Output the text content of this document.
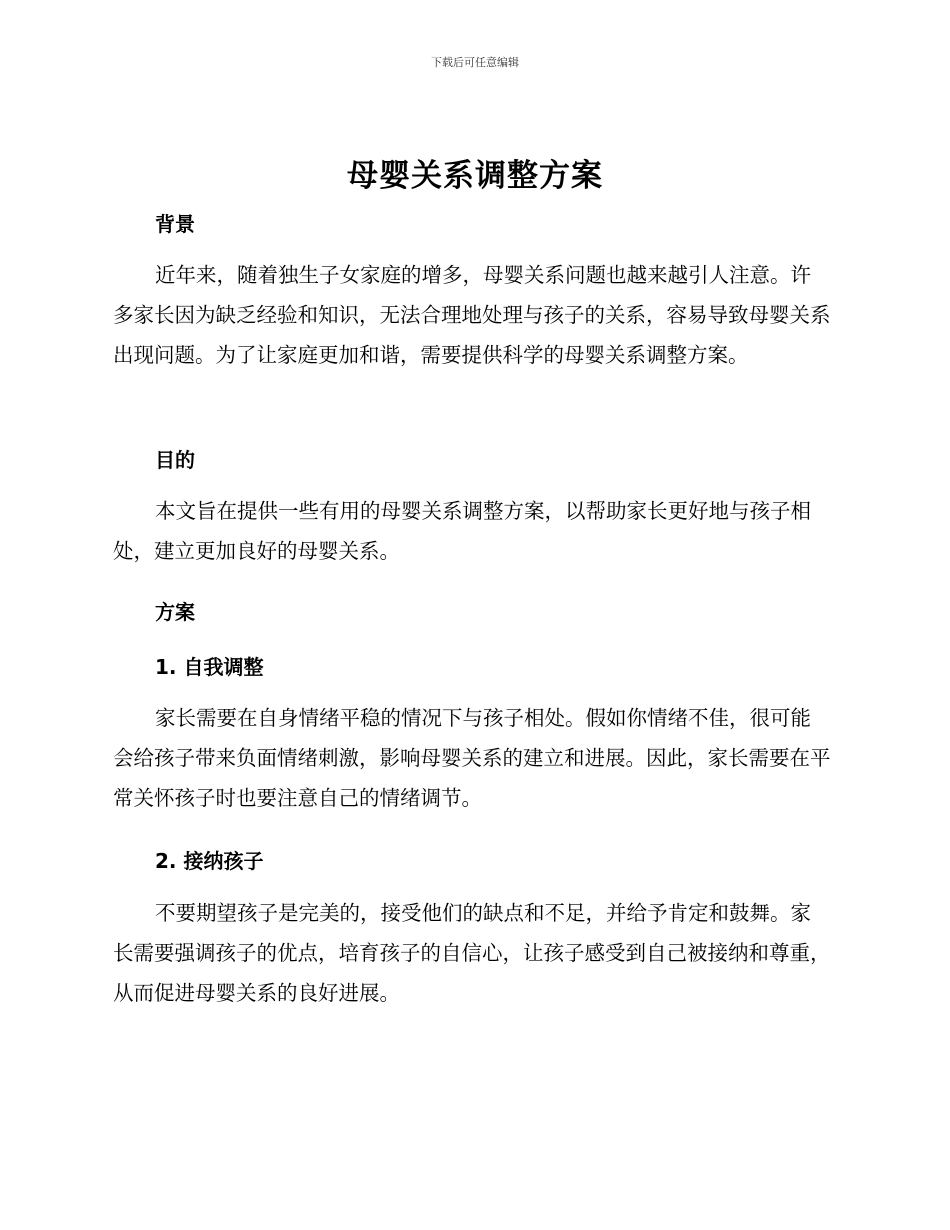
下载后可任意编辑
母婴关系调整方案
背景

近年来，随着独生子女家庭的增多，母婴关系问题也越来越引人注意。许多家长因为缺乏经验和知识，无法合理地处理与孩子的关系，容易导致母婴关系出现问题。为了让家庭更加和谐，需要提供科学的母婴关系调整方案。

目的

本文旨在提供一些有用的母婴关系调整方案，以帮助家长更好地与孩子相处，建立更加良好的母婴关系。

方案
1. 自我调整

家长需要在自身情绪平稳的情况下与孩子相处。假如你情绪不佳，很可能会给孩子带来负面情绪刺激，影响母婴关系的建立和进展。因此，家长需要在平常关怀孩子时也要注意自己的情绪调节。

2. 接纳孩子

不要期望孩子是完美的，接受他们的缺点和不足，并给予肯定和鼓舞。家长需要强调孩子的优点，培育孩子的自信心，让孩子感受到自己被接纳和尊重，从而促进母婴关系的良好进展。
